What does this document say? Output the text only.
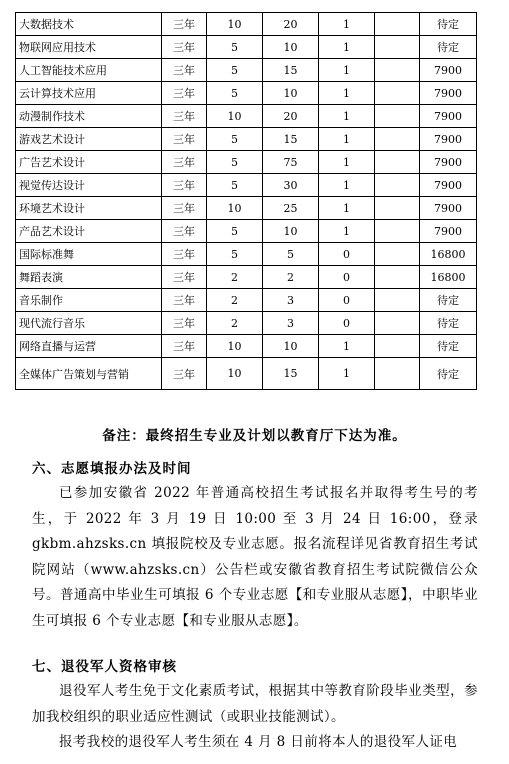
大数据技术	三年	10	20	1		待定
物联网应用技术	三年	5	10	1		待定
人工智能技术应用	三年	5	15	1		7900
云计算技术应用	三年	5	10	1		7900
动漫制作技术	三年	10	20	1		7900
游戏艺术设计	三年	5	15	1		7900
广告艺术设计	三年	5	75	1		7900
视觉传达设计	三年	5	30	1		7900
环境艺术设计	三年	10	25	1		7900
产品艺术设计	三年	5	10	1		7900
国际标准舞	三年	5	5	0		16800
舞蹈表演	三年	2	2	0		16800
音乐制作	三年	2	3	0		待定
现代流行音乐	三年	2	3	0		待定
网络直播与运营	三年	10	10	1		待定
全媒体广告策划与营销	三年	10	15	1		待定
备注：最终招生专业及计划以教育厅下达为准。
六、志愿填报办法及时间

已参加安徽省 2022 年普通高校招生考试报名并取得考生号的考生，于 2022 年 3 月 19 日 10:00 至 3 月 24 日 16:00，登录 gkbm.ahzsks.cn 填报院校及专业志愿。报名流程详见省教育招生考试院网站（www.ahzsks.cn）公告栏或安徽省教育招生考试院微信公众号。普通高中毕业生可填报 6 个专业志愿【和专业服从志愿】，中职毕业生可填报 6 个专业志愿【和专业服从志愿】。

七、退役军人资格审核

退役军人考生免于文化素质考试，根据其中等教育阶段毕业类型，参加我校组织的职业适应性测试（或职业技能测试）。

报考我校的退役军人考生须在 4 月 8 日前将本人的退役军人证电
